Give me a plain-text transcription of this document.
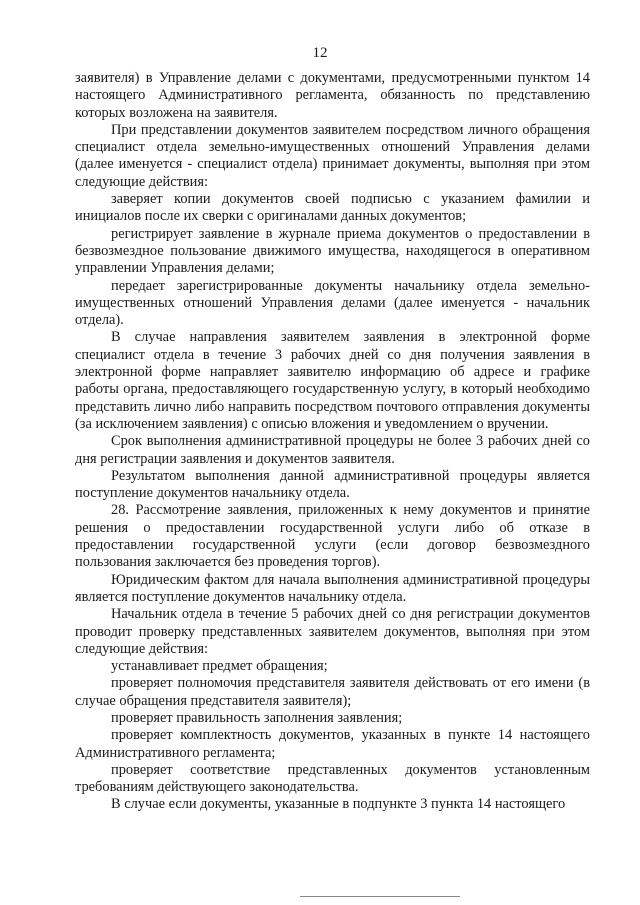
12

заявителя) в Управление делами с документами, предусмотренными пунктом 14 настоящего Административного регламента, обязанность по представлению которых возложена на заявителя.

При представлении документов заявителем посредством личного обращения специалист отдела земельно-имущественных отношений Управления делами (далее именуется - специалист отдела) принимает документы, выполняя при этом следующие действия:

заверяет копии документов своей подписью с указанием фамилии и инициалов после их сверки с оригиналами данных документов;

регистрирует заявление в журнале приема документов о предоставлении в безвозмездное пользование движимого имущества, находящегося в оперативном управлении Управления делами;

передает зарегистрированные документы начальнику отдела земельно-имущественных отношений Управления делами (далее именуется - начальник отдела).

В случае направления заявителем заявления в электронной форме специалист отдела в течение 3 рабочих дней со дня получения заявления в электронной форме направляет заявителю информацию об адресе и графике работы органа, предоставляющего государственную услугу, в который необходимо представить лично либо направить посредством почтового отправления документы (за исключением заявления) с описью вложения и уведомлением о вручении.

Срок выполнения административной процедуры не более 3 рабочих дней со дня регистрации заявления и документов заявителя.

Результатом выполнения данной административной процедуры является поступление документов начальнику отдела.

28. Рассмотрение заявления, приложенных к нему документов и принятие решения о предоставлении государственной услуги либо об отказе в предоставлении государственной услуги (если договор безвозмездного пользования заключается без проведения торгов).

Юридическим фактом для начала выполнения административной процедуры является поступление документов начальнику отдела.

Начальник отдела в течение 5 рабочих дней со дня регистрации документов проводит проверку представленных заявителем документов, выполняя при этом следующие действия:

устанавливает предмет обращения;

проверяет полномочия представителя заявителя действовать от его имени (в случае обращения представителя заявителя);

проверяет правильность заполнения заявления;

проверяет комплектность документов, указанных в пункте 14 настоящего Административного регламента;

проверяет соответствие представленных документов установленным требованиям действующего законодательства.

В случае если документы, указанные в подпункте 3 пункта 14 настоящего
